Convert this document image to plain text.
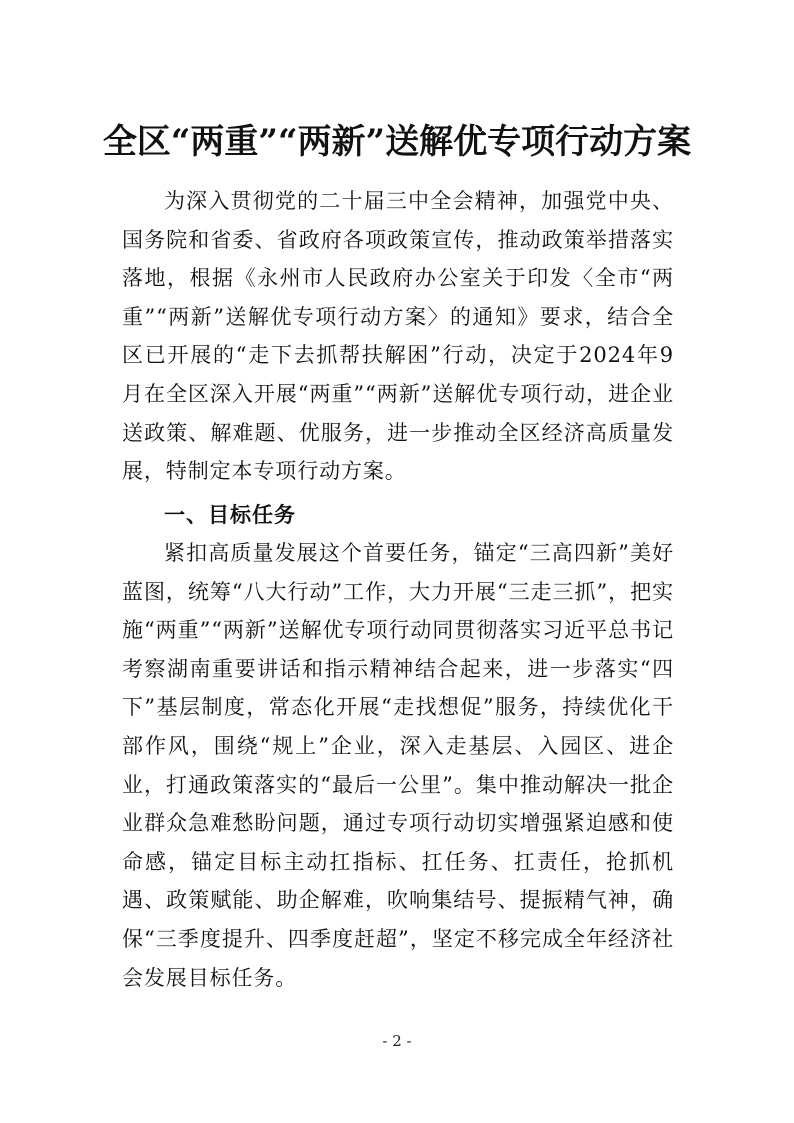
全区“两重”“两新”送解优专项行动方案

为深入贯彻党的二十届三中全会精神，加强党中央、国务院和省委、省政府各项政策宣传，推动政策举措落实落地，根据《永州市人民政府办公室关于印发〈全市“两重”“两新”送解优专项行动方案〉的通知》要求，结合全区已开展的“走下去抓帮扶解困”行动，决定于2024年9月在全区深入开展“两重”“两新”送解优专项行动，进企业送政策、解难题、优服务，进一步推动全区经济高质量发展，特制定本专项行动方案。

一、目标任务

紧扣高质量发展这个首要任务，锚定“三高四新”美好蓝图，统筹“八大行动”工作，大力开展“三走三抓”，把实施“两重”“两新”送解优专项行动同贯彻落实习近平总书记考察湖南重要讲话和指示精神结合起来，进一步落实“四下”基层制度，常态化开展“走找想促”服务，持续优化干部作风，围绕“规上”企业，深入走基层、入园区、进企业，打通政策落实的“最后一公里”。集中推动解决一批企业群众急难愁盼问题，通过专项行动切实增强紧迫感和使命感，锚定目标主动扛指标、扛任务、扛责任，抢抓机遇、政策赋能、助企解难，吹响集结号、提振精气神，确保“三季度提升、四季度赶超”，坚定不移完成全年经济社会发展目标任务。

- 2 -
